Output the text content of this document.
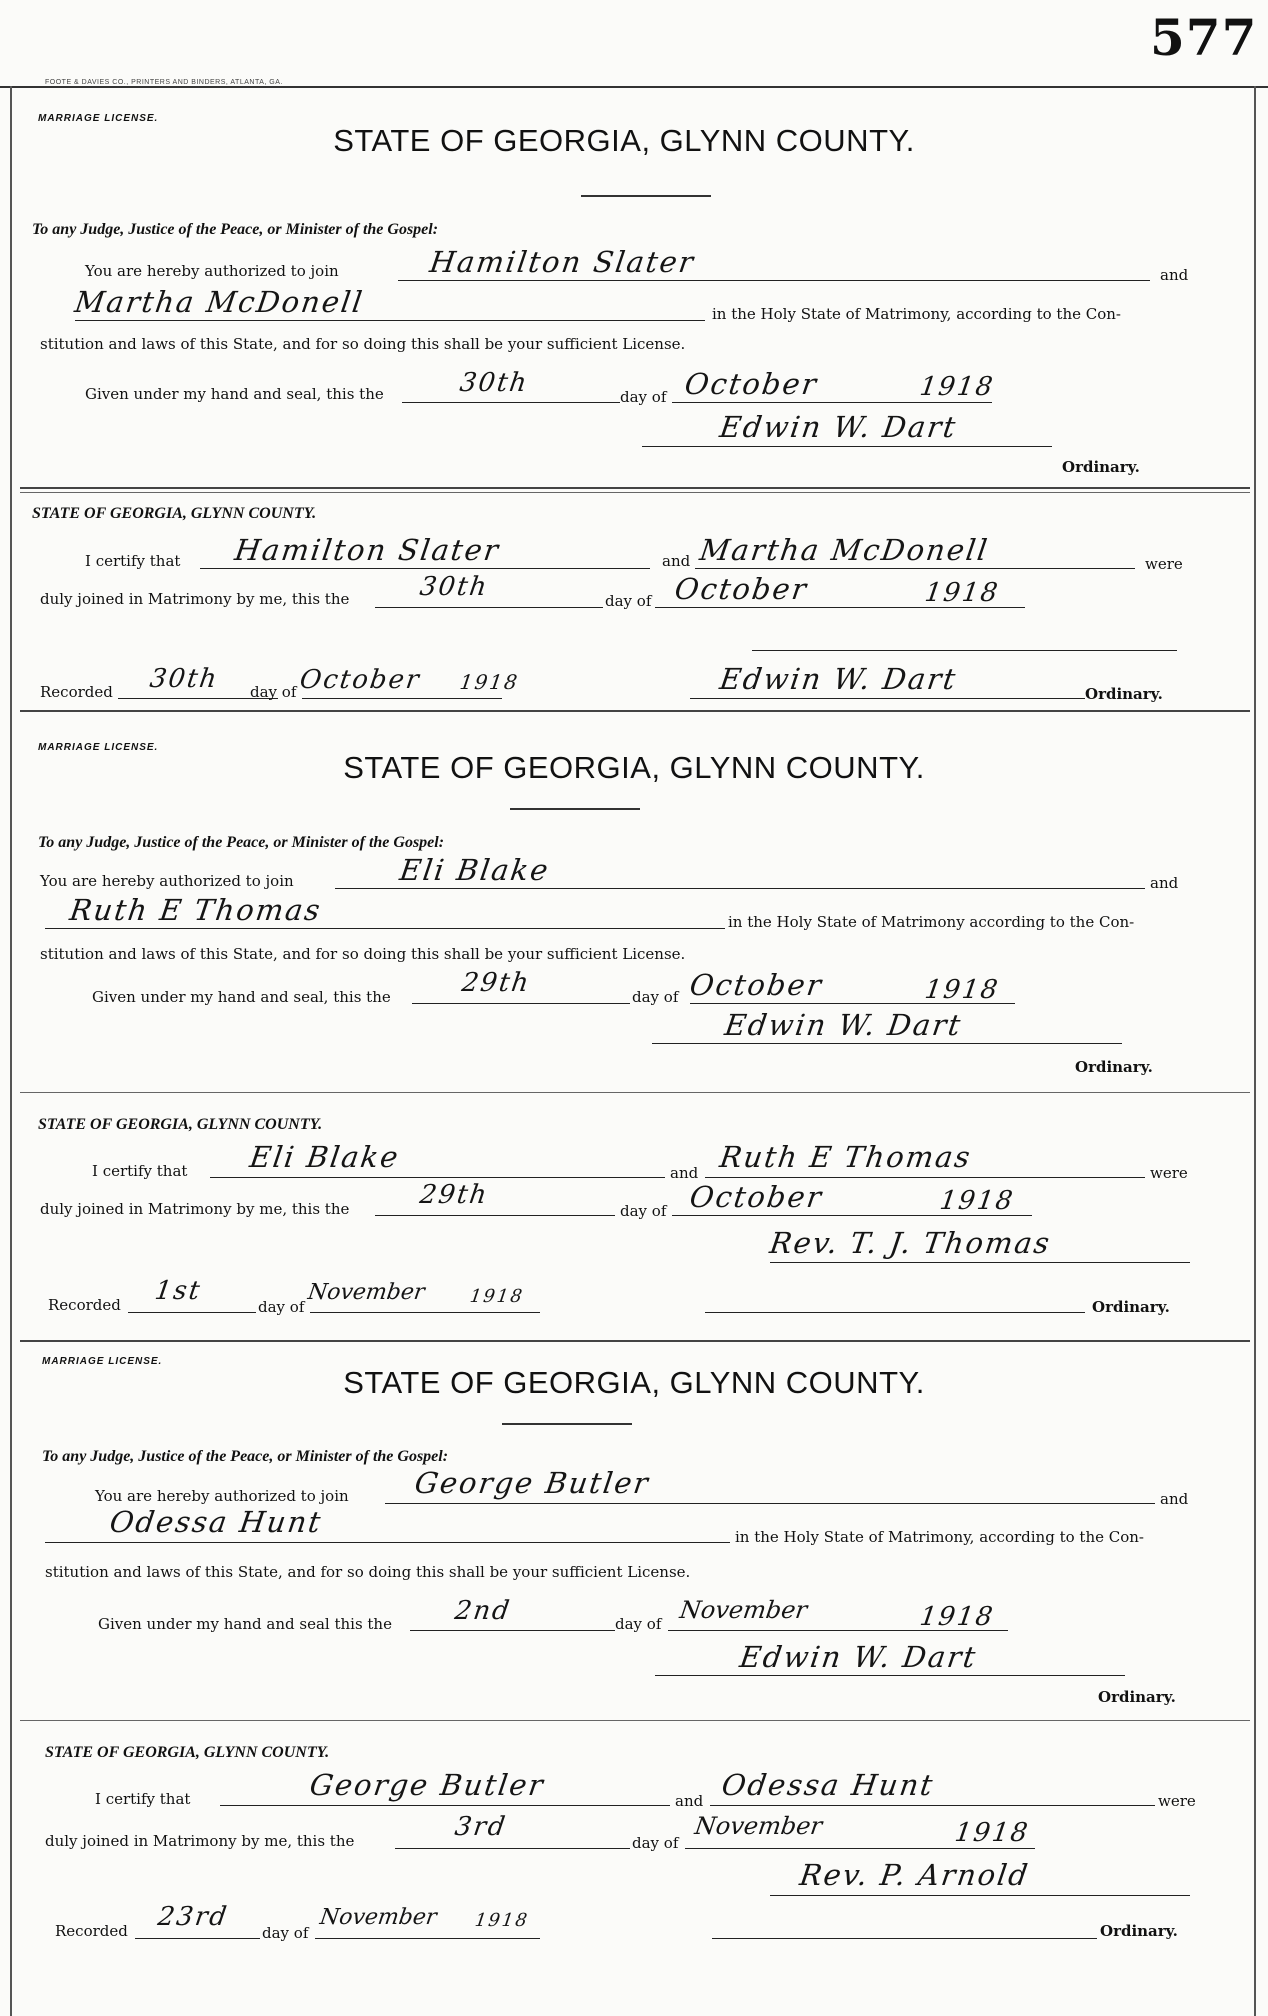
577
FOOTE & DAVIES CO., PRINTERS AND BINDERS, ATLANTA, GA.
MARRIAGE LICENSE.
STATE OF GEORGIA, GLYNN COUNTY.
To any Judge, Justice of the Peace, or Minister of the Gospel:
You are hereby authorized to join	Hamilton Slater	and
Martha McDonell	in the Holy State of Matrimony, according to the Con-
stitution and laws of this State, and for so doing this shall be your sufficient License.
Given under my hand and seal, this the	30th	day of October	1918
Edwin W. Dart
Ordinary.
STATE OF GEORGIA, GLYNN COUNTY.
I certify that Hamilton Slater	and Martha McDonell	were
duly joined in Matrimony by me, this the	30th	day of October	1918
Recorded 30th day of October 1918	Edwin W. Dart	Ordinary.
MARRIAGE LICENSE.
STATE OF GEORGIA, GLYNN COUNTY.
To any Judge, Justice of the Peace, or Minister of the Gospel:
You are hereby authorized to join	Eli Blake	and
Ruth E Thomas	in the Holy State of Matrimony according to the Con-
stitution and laws of this State, and for so doing this shall be your sufficient License.
Given under my hand and seal, this the	29th	day of October	1918
Edwin W. Dart
Ordinary.
STATE OF GEORGIA, GLYNN COUNTY.
I certify that Eli Blake	and Ruth E Thomas	were
duly joined in Matrimony by me, this the	29th
day of October	1918
Rev. T. J. Thomas
Recorded 1st
day of
November 1918	Ordinary.
MARRIAGE LICENSE.
STATE OF GEORGIA, GLYNN COUNTY.
To any Judge, Justice of the Peace, or Minister of the Gospel:
You are hereby authorized to join George Butler	and
Odessa Hunt	in the Holy State of Matrimony, according to the Con-
stitution and laws of this State, and for so doing this shall be your sufficient License.
Given under my hand and seal this the 2nd	day of November	1918
Edwin W. Dart
Ordinary.
STATE OF GEORGIA, GLYNN COUNTY.
I certify that	George Butler	and Odessa Hunt	were
duly joined in Matrimony by me, this the	3rd
day of
November	1918
Rev. P. Arnold
Recorded 23rd
day of
November 1918	Ordinary.
